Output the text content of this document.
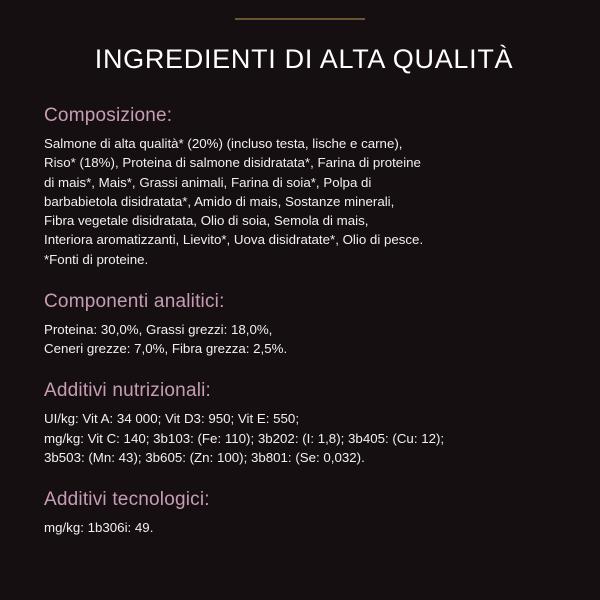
INGREDIENTI DI ALTA QUALITÀ
Composizione:

Salmone di alta qualità* (20%) (incluso testa, lische e carne),
Riso* (18%), Proteina di salmone disidratata*, Farina di proteine
di mais*, Mais*, Grassi animali, Farina di soia*, Polpa di
barbabietola disidratata*, Amido di mais, Sostanze minerali,
Fibra vegetale disidratata, Olio di soia, Semola di mais,
Interiora aromatizzanti, Lievito*, Uova disidratate*, Olio di pesce.
*Fonti di proteine.

Componenti analitici:

Proteina: 30,0%, Grassi grezzi: 18,0%,
Ceneri grezze: 7,0%, Fibra grezza: 2,5%.

Additivi nutrizionali:

UI/kg: Vit A: 34 000; Vit D3: 950; Vit E: 550;
mg/kg: Vit C: 140; 3b103: (Fe: 110); 3b202: (I: 1,8); 3b405: (Cu: 12);
3b503: (Mn: 43); 3b605: (Zn: 100); 3b801: (Se: 0,032).

Additivi tecnologici:

mg/kg: 1b306i: 49.
